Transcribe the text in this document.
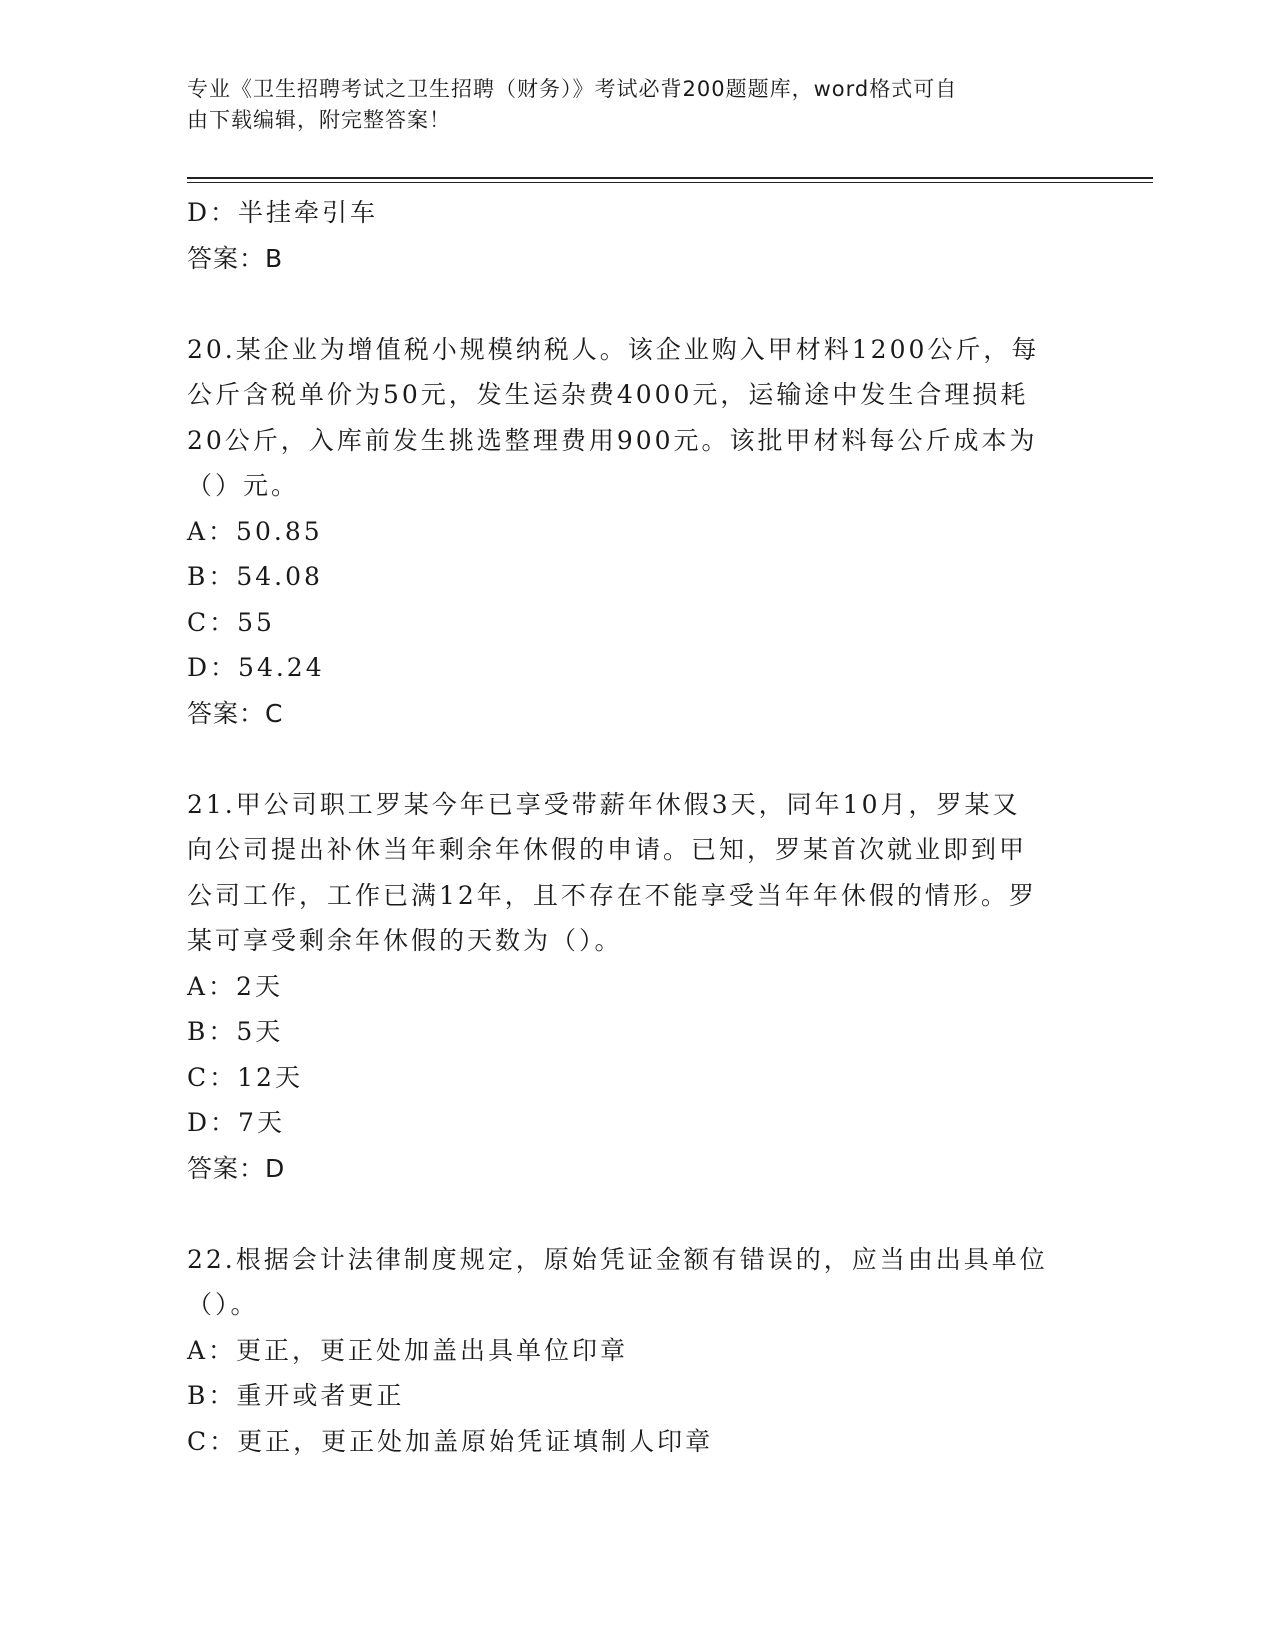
专业《卫生招聘考试之卫生招聘（财务）》考试必背200题题库，word格式可自
由下载编辑，附完整答案！
D：半挂牵引车
答案：B
20.某企业为增值税小规模纳税人。该企业购入甲材料1200公斤，每
公斤含税单价为50元，发生运杂费4000元，运输途中发生合理损耗
20公斤，入库前发生挑选整理费用900元。该批甲材料每公斤成本为
（）元。
A：50.85
B：54.08
C：55
D：54.24
答案：C
21.甲公司职工罗某今年已享受带薪年休假3天，同年10月，罗某又
向公司提出补休当年剩余年休假的申请。已知，罗某首次就业即到甲
公司工作，工作已满12年，且不存在不能享受当年年休假的情形。罗
某可享受剩余年休假的天数为（）。
A：2天
B：5天
C：12天
D：7天
答案：D
22.根据会计法律制度规定，原始凭证金额有错误的，应当由出具单位
（）。
A：更正，更正处加盖出具单位印章
B：重开或者更正
C：更正，更正处加盖原始凭证填制人印章
